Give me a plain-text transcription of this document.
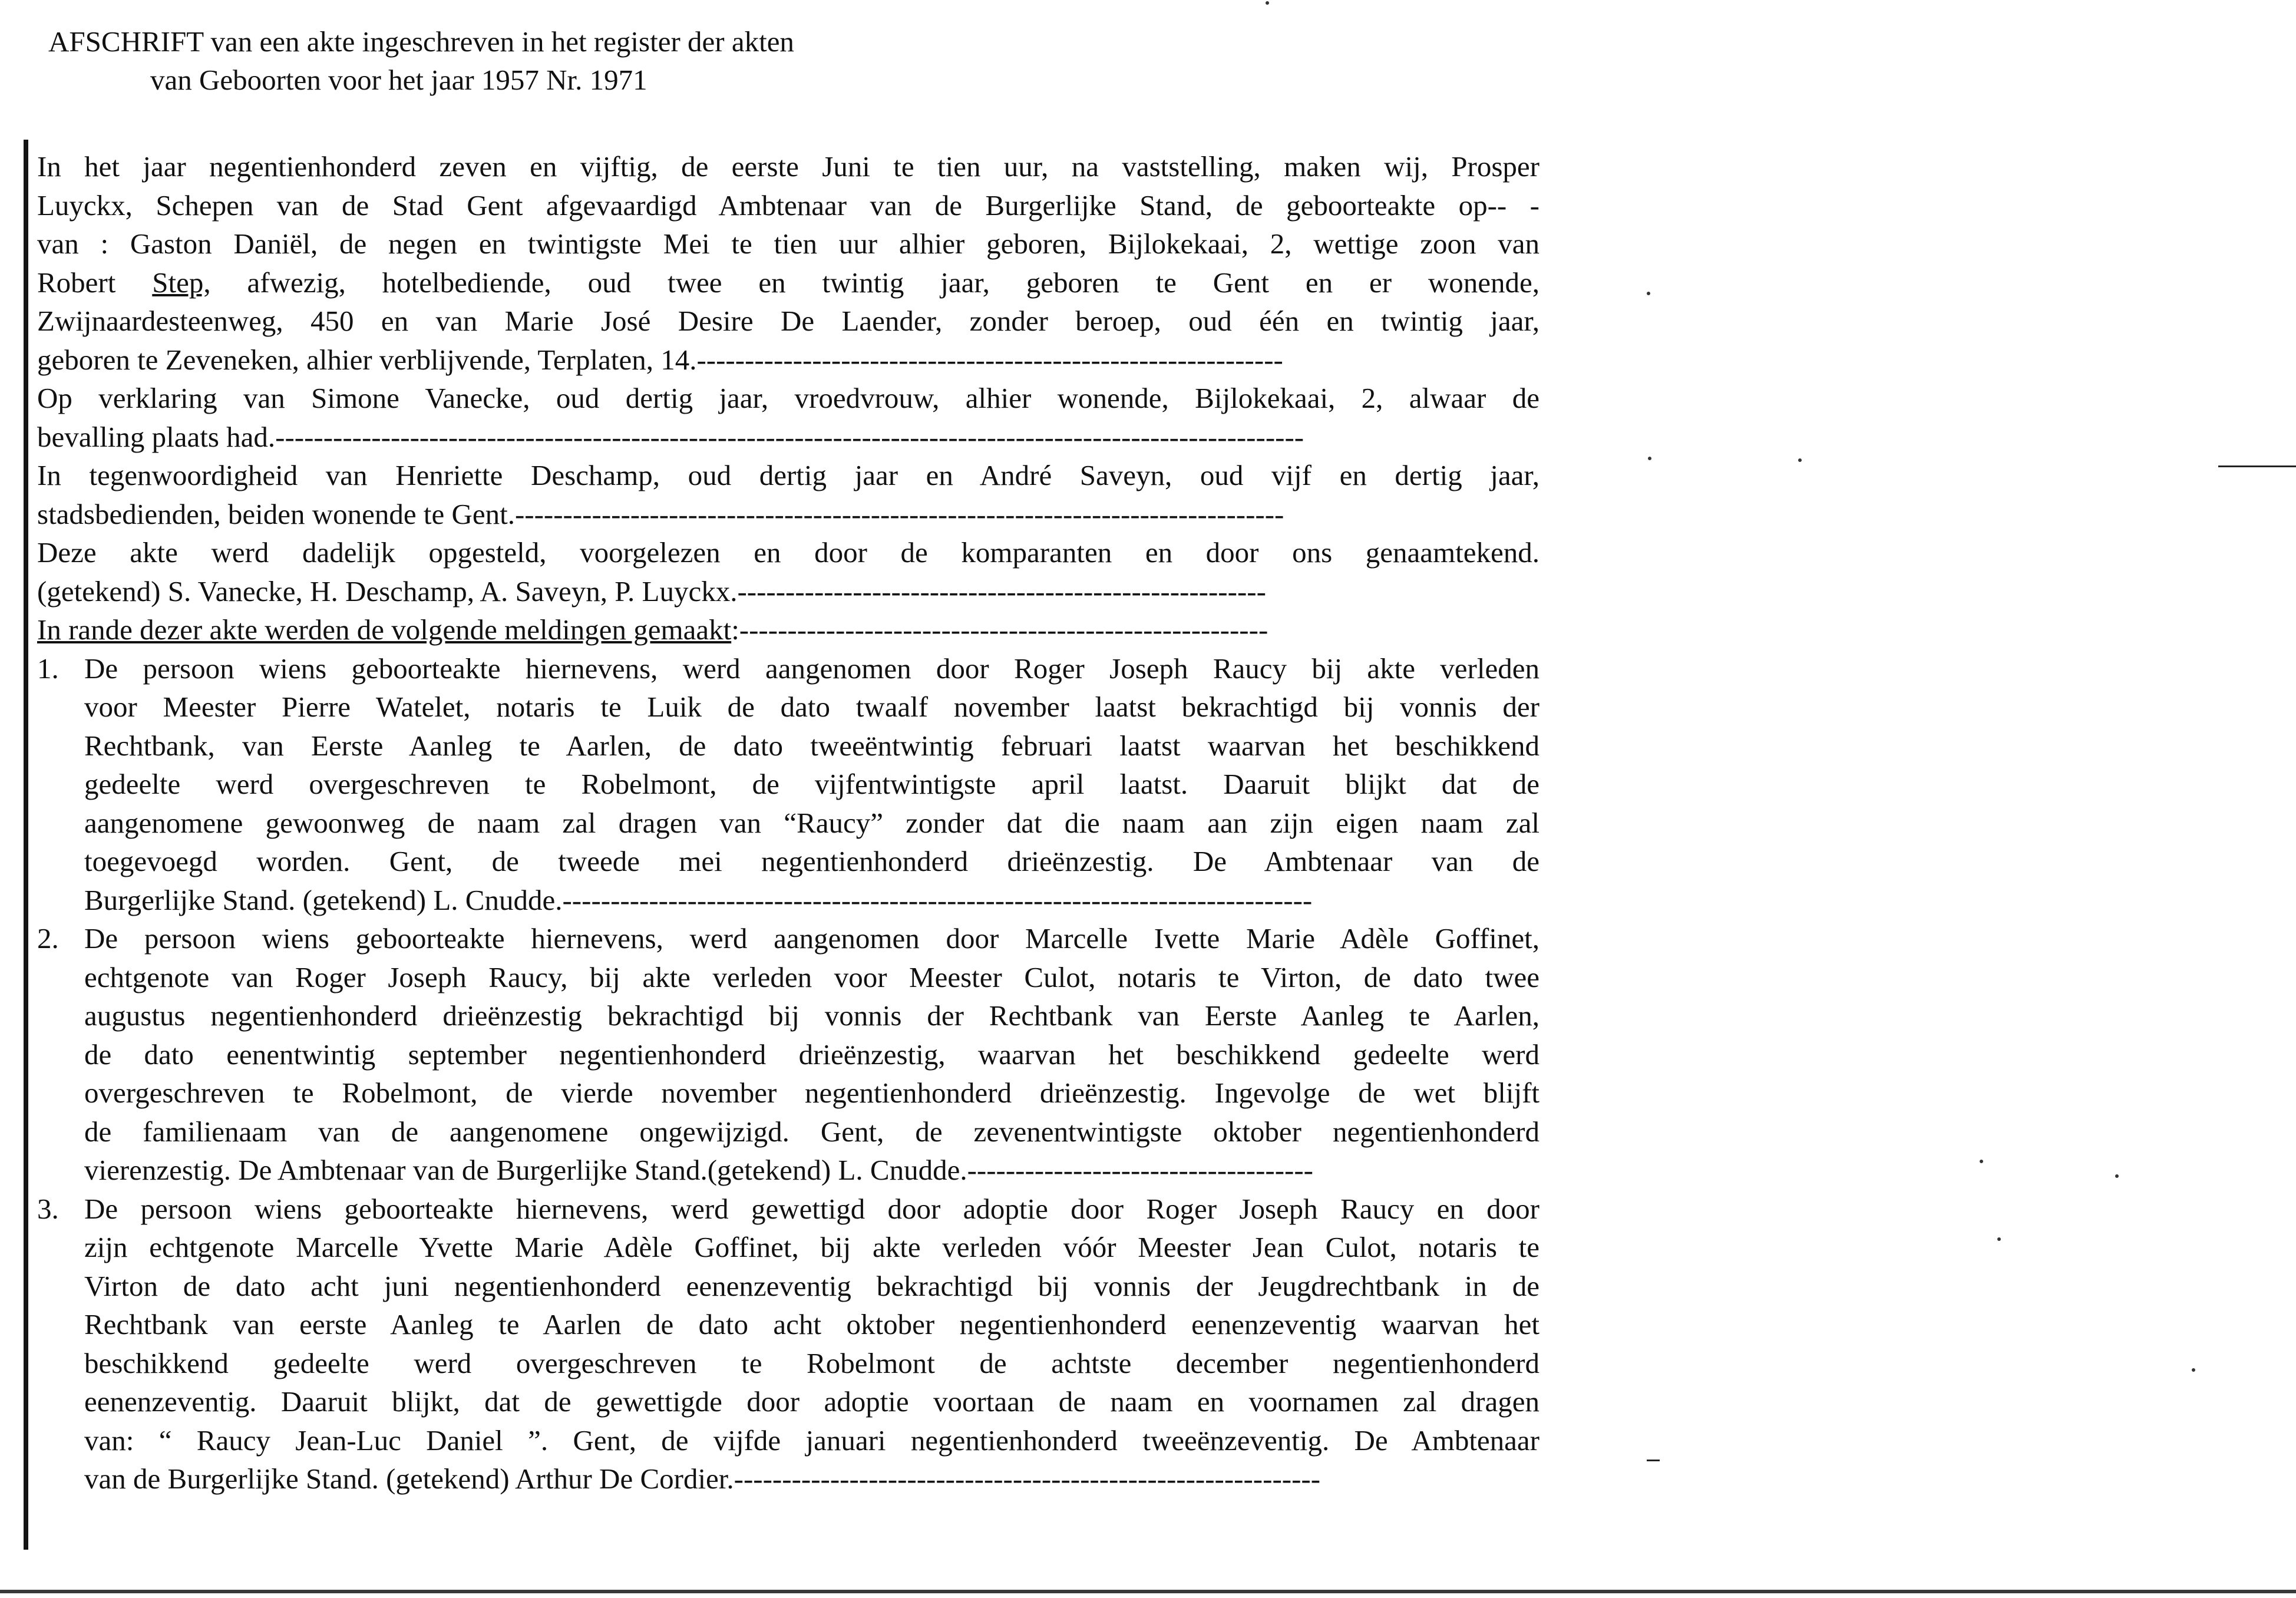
AFSCHRIFT van een akte ingeschreven in het register der akten
van Geboorten voor het jaar 1957 Nr. 1971
In het jaar negentienhonderd zeven en vijftig, de eerste Juni te tien uur, na vaststelling, maken wij, Prosper
Luyckx, Schepen van de Stad Gent afgevaardigd Ambtenaar van de Burgerlijke Stand, de geboorteakte op-- -
van : Gaston Daniël, de negen en twintigste Mei te tien uur alhier geboren, Bijlokekaai, 2, wettige zoon van
Robert Step, afwezig, hotelbediende, oud twee en twintig jaar, geboren te Gent en er wonende,
Zwijnaardesteenweg, 450 en van Marie José Desire De Laender, zonder beroep, oud één en twintig jaar,
geboren te Zeveneken, alhier verblijvende, Terplaten, 14.-------------------------------------------------------------
Op verklaring van Simone Vanecke, oud dertig jaar, vroedvrouw, alhier wonende, Bijlokekaai, 2, alwaar de
bevalling plaats had.-----------------------------------------------------------------------------------------------------------
In tegenwoordigheid van Henriette Deschamp, oud dertig jaar en André Saveyn, oud vijf en dertig jaar,
stadsbedienden, beiden wonende te Gent.--------------------------------------------------------------------------------
Deze akte werd dadelijk opgesteld, voorgelezen en door de komparanten en door ons genaamtekend.
(getekend) S. Vanecke, H. Deschamp, A. Saveyn, P. Luyckx.-------------------------------------------------------
In rande dezer akte werden de volgende meldingen gemaakt:-------------------------------------------------------
1. De persoon wiens geboorteakte hiernevens, werd aangenomen door Roger Joseph Raucy bij akte verleden
voor Meester Pierre Watelet, notaris te Luik de dato twaalf november laatst bekrachtigd bij vonnis der
Rechtbank, van Eerste Aanleg te Aarlen, de dato tweeëntwintig februari laatst waarvan het beschikkend
gedeelte werd overgeschreven te Robelmont, de vijfentwintigste april laatst. Daaruit blijkt dat de
aangenomene gewoonweg de naam zal dragen van “Raucy” zonder dat die naam aan zijn eigen naam zal
toegevoegd worden. Gent, de tweede mei negentienhonderd drieënzestig. De Ambtenaar van de
Burgerlijke Stand. (getekend) L. Cnudde.------------------------------------------------------------------------------
2. De persoon wiens geboorteakte hiernevens, werd aangenomen door Marcelle Ivette Marie Adèle Goffinet,
echtgenote van Roger Joseph Raucy, bij akte verleden voor Meester Culot, notaris te Virton, de dato twee
augustus negentienhonderd drieënzestig bekrachtigd bij vonnis der Rechtbank van Eerste Aanleg te Aarlen,
de dato eenentwintig september negentienhonderd drieënzestig, waarvan het beschikkend gedeelte werd
overgeschreven te Robelmont, de vierde november negentienhonderd drieënzestig. Ingevolge de wet blijft
de familienaam van de aangenomene ongewijzigd. Gent, de zevenentwintigste oktober negentienhonderd
vierenzestig. De Ambtenaar van de Burgerlijke Stand.(getekend) L. Cnudde.------------------------------------
3. De persoon wiens geboorteakte hiernevens, werd gewettigd door adoptie door Roger Joseph Raucy en door
zijn echtgenote Marcelle Yvette Marie Adèle Goffinet, bij akte verleden vóór Meester Jean Culot, notaris te
Virton de dato acht juni negentienhonderd eenenzeventig bekrachtigd bij vonnis der Jeugdrechtbank in de
Rechtbank van eerste Aanleg te Aarlen de dato acht oktober negentienhonderd eenenzeventig waarvan het
beschikkend gedeelte werd overgeschreven te Robelmont de achtste december negentienhonderd
eenenzeventig. Daaruit blijkt, dat de gewettigde door adoptie voortaan de naam en voornamen zal dragen
van: “ Raucy Jean-Luc Daniel ”. Gent, de vijfde januari negentienhonderd tweeënzeventig. De Ambtenaar
van de Burgerlijke Stand. (getekend) Arthur De Cordier.-------------------------------------------------------------
